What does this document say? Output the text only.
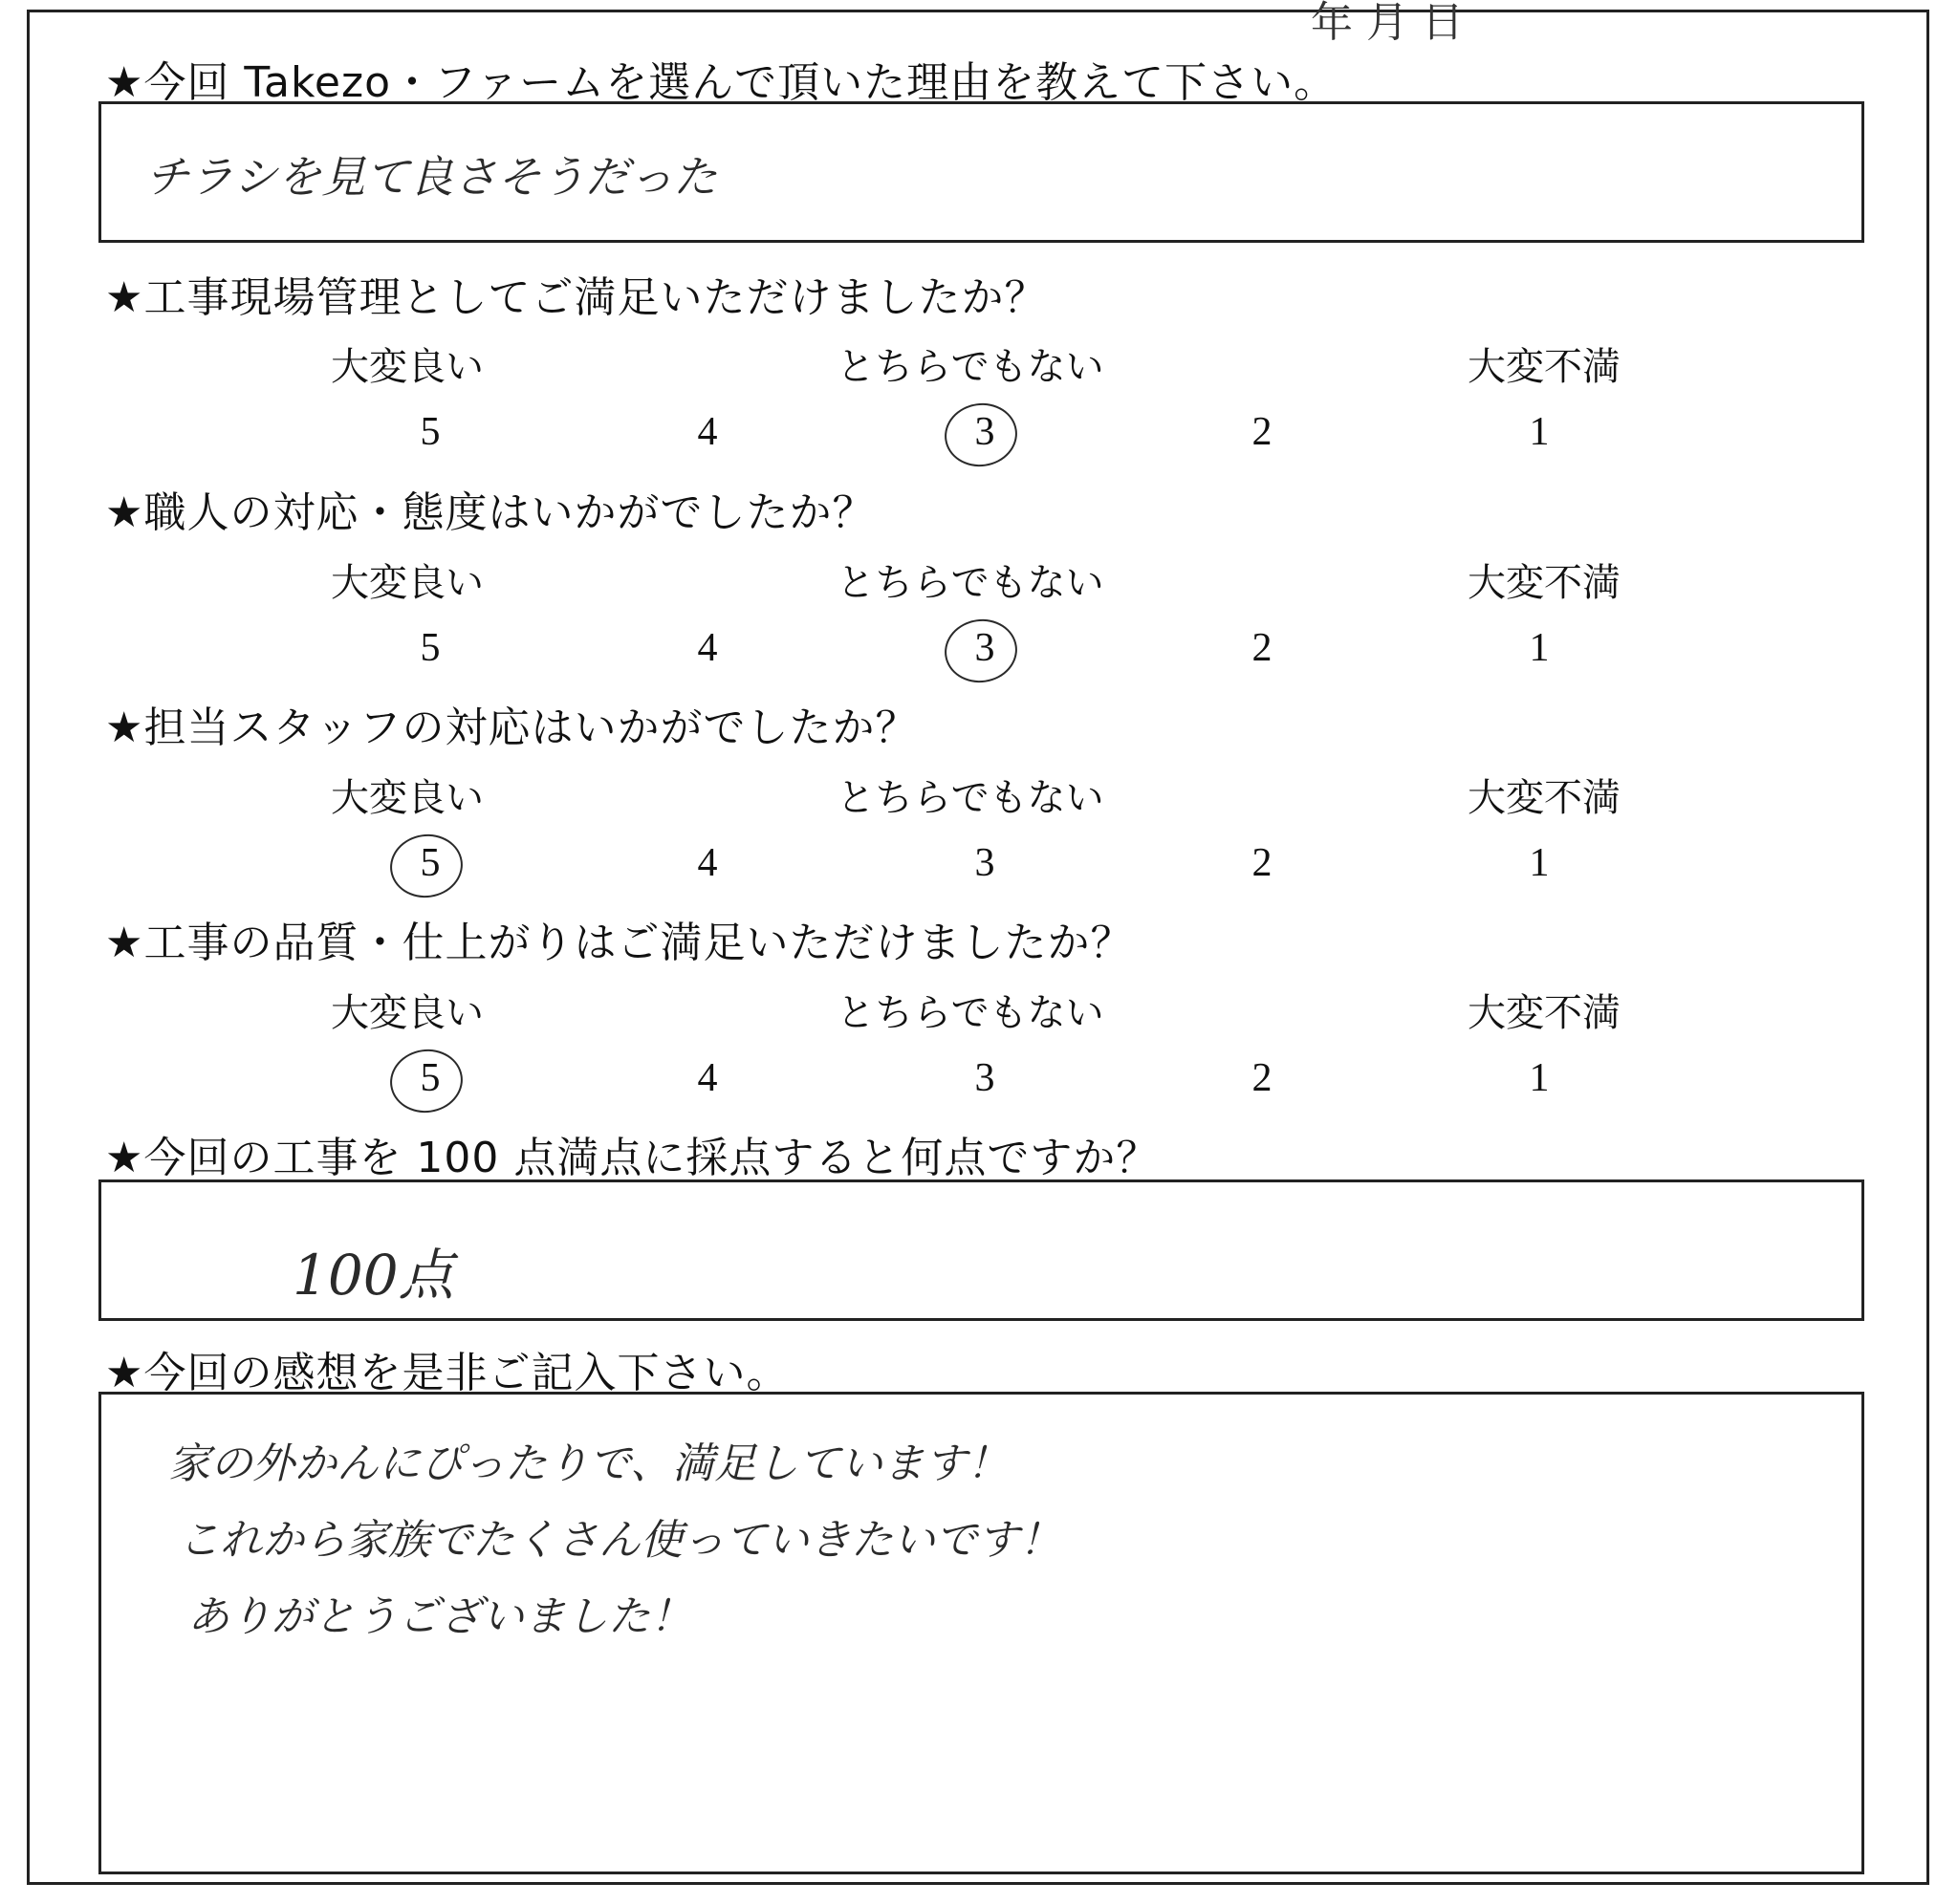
年 月 日
★今回 Takezo・ファームを選んで頂いた理由を教えて下さい。
チラシを見て良さそうだった
★工事現場管理としてご満足いただけましたか？
大変良い	とちらでもない	大変不満
5	4	3	2	1
★職人の対応・態度はいかがでしたか？
大変良い	とちらでもない	大変不満
5	4	3	2	1
★担当スタッフの対応はいかがでしたか？
大変良い	とちらでもない	大変不満
5	4	3	2	1
★工事の品質・仕上がりはご満足いただけましたか？
大変良い	とちらでもない	大変不満
5	4	3	2	1
★今回の工事を 100 点満点に採点すると何点ですか？
100点
★今回の感想を是非ご記入下さい。
家の外かんにぴったりで、満足しています！
これから家族でたくさん使っていきたいです！
ありがとうございました！
